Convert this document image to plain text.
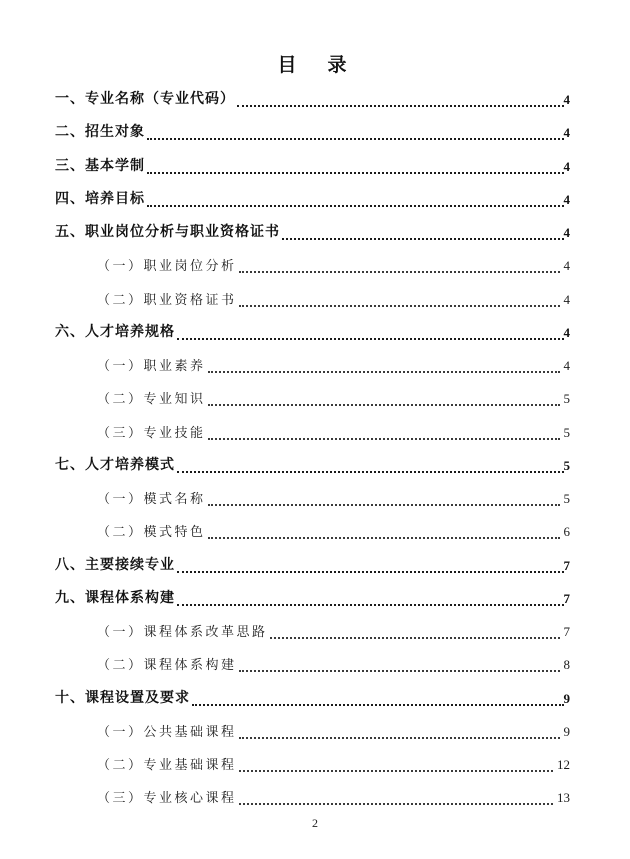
目　录
一、专业名称（专业代码）	4
二、招生对象	4
三、基本学制	4
四、培养目标	4
五、职业岗位分析与职业资格证书	4
（一）职业岗位分析	4
（二）职业资格证书	4
六、人才培养规格	4
（一）职业素养	4
（二）专业知识	5
（三）专业技能	5
七、人才培养模式	5
（一）模式名称	5
（二）模式特色	6
八、主要接续专业	7
九、课程体系构建	7
（一）课程体系改革思路	7
（二）课程体系构建	8
十、课程设置及要求	9
（一）公共基础课程	9
（二）专业基础课程	12
（三）专业核心课程	13
2
